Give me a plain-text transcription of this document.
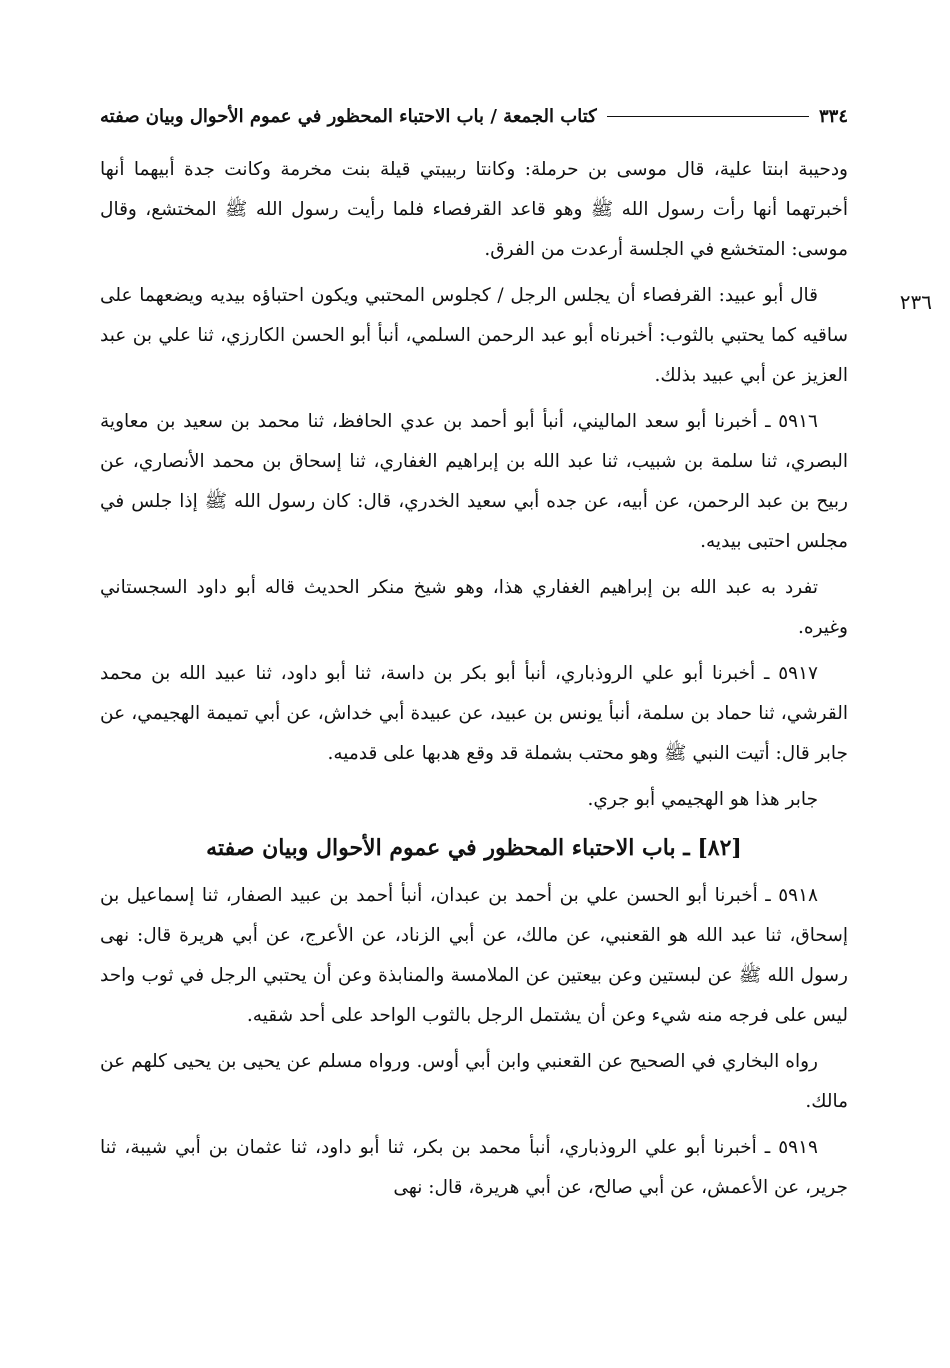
٣٣٤
كتاب الجمعة / باب الاحتباء المحظور في عموم الأحوال وبيان صفته
٢٣٦

ودحيبة ابنتا علية، قال موسى بن حرملة: وكانتا ربيبتي قيلة بنت مخرمة وكانت جدة أبيهما أنها أخبرتهما أنها رأت رسول الله ﷺ وهو قاعد القرفصاء فلما رأيت رسول الله ﷺ المختشع، وقال موسى: المتخشع في الجلسة أرعدت من الفرق.

قال أبو عبيد: القرفصاء أن يجلس الرجل / كجلوس المحتبي ويكون احتباؤه بيديه ويضعهما على ساقيه كما يحتبي بالثوب: أخبرناه أبو عبد الرحمن السلمي، أنبأ أبو الحسن الكارزي، ثنا علي بن عبد العزيز عن أبي عبيد بذلك.

٥٩١٦ ـ أخبرنا أبو سعد الماليني، أنبأ أبو أحمد بن عدي الحافظ، ثنا محمد بن سعيد بن معاوية البصري، ثنا سلمة بن شبيب، ثنا عبد الله بن إبراهيم الغفاري، ثنا إسحاق بن محمد الأنصاري، عن ربيح بن عبد الرحمن، عن أبيه، عن جده أبي سعيد الخدري، قال: كان رسول الله ﷺ إذا جلس في مجلس احتبى بيديه.

تفرد به عبد الله بن إبراهيم الغفاري هذا، وهو شيخ منكر الحديث قاله أبو داود السجستاني وغيره.

٥٩١٧ ـ أخبرنا أبو علي الروذباري، أنبأ أبو بكر بن داسة، ثنا أبو داود، ثنا عبيد الله بن محمد القرشي، ثنا حماد بن سلمة، أنبأ يونس بن عبيد، عن عبيدة أبي خداش، عن أبي تميمة الهجيمي، عن جابر قال: أتيت النبي ﷺ وهو محتب بشملة قد وقع هدبها على قدميه.

جابر هذا هو الهجيمي أبو جري.

[٨٢] ـ باب الاحتباء المحظور في عموم الأحوال وبيان صفته

٥٩١٨ ـ أخبرنا أبو الحسن علي بن أحمد بن عبدان، أنبأ أحمد بن عبيد الصفار، ثنا إسماعيل بن إسحاق، ثنا عبد الله هو القعنبي، عن مالك، عن أبي الزناد، عن الأعرج، عن أبي هريرة قال: نهى رسول الله ﷺ عن لبستين وعن بيعتين عن الملامسة والمنابذة وعن أن يحتبي الرجل في ثوب واحد ليس على فرجه منه شيء وعن أن يشتمل الرجل بالثوب الواحد على أحد شقيه.

رواه البخاري في الصحيح عن القعنبي وابن أبي أوس. ورواه مسلم عن يحيى بن يحيى كلهم عن مالك.

٥٩١٩ ـ أخبرنا أبو علي الروذباري، أنبأ محمد بن بكر، ثنا أبو داود، ثنا عثمان بن أبي شيبة، ثنا جرير، عن الأعمش، عن أبي صالح، عن أبي هريرة، قال: نهى
